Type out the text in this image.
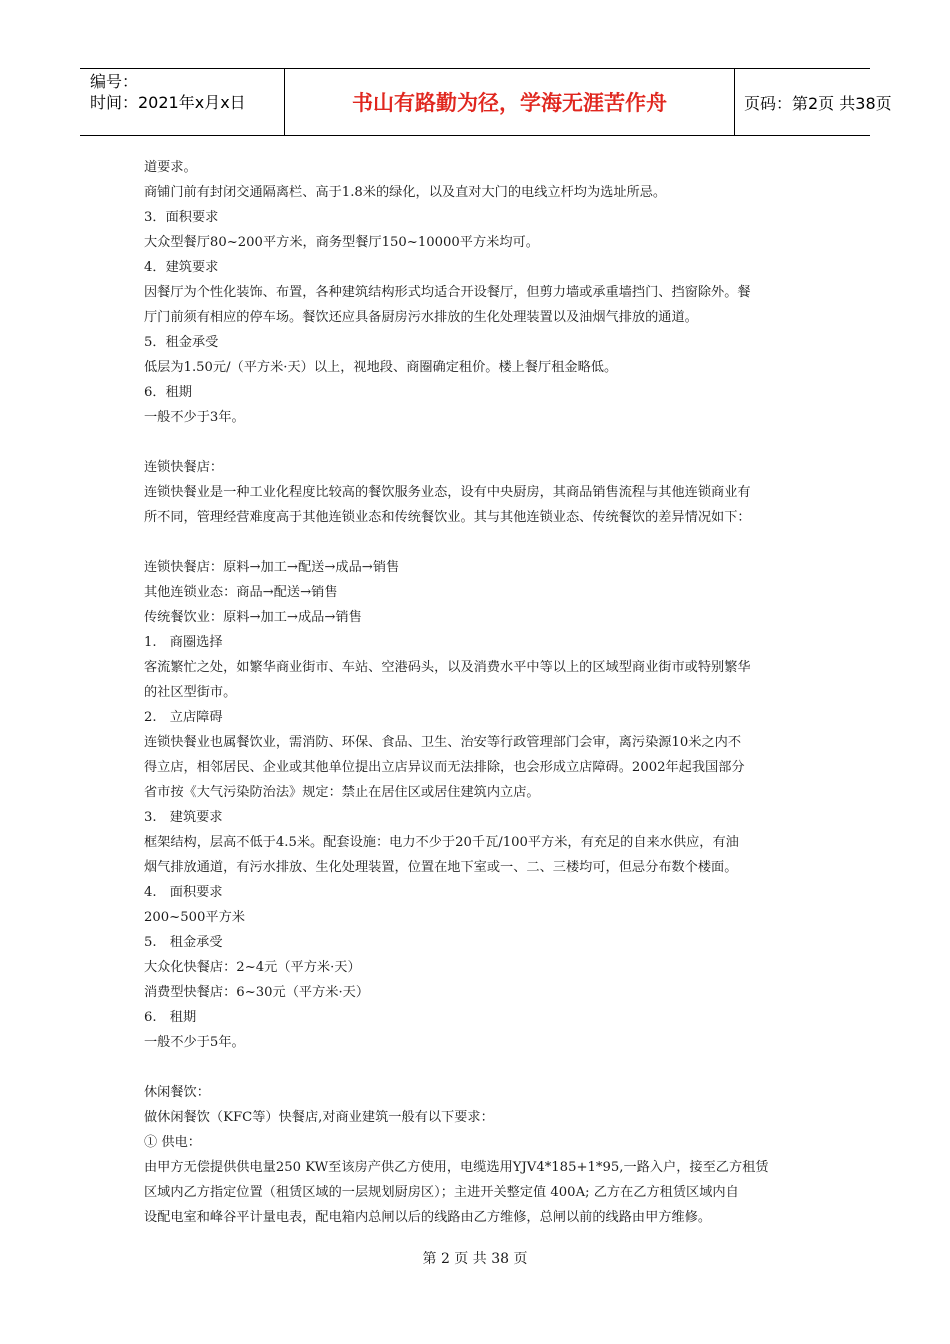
编号：
时间：2021年x月x日	书山有路勤为径，学海无涯苦作舟	页码：第2页 共38页
道要求。
商铺门前有封闭交通隔离栏、高于1.8米的绿化，以及直对大门的电线立杆均为选址所忌。
3．面积要求
大众型餐厅80~200平方米，商务型餐厅150~10000平方米均可。
4．建筑要求
因餐厅为个性化装饰、布置，各种建筑结构形式均适合开设餐厅，但剪力墙或承重墙挡门、挡窗除外。餐
厅门前须有相应的停车场。餐饮还应具备厨房污水排放的生化处理装置以及油烟气排放的通道。
5．租金承受
低层为1.50元/（平方米·天）以上，视地段、商圈确定租价。楼上餐厅租金略低。
6．租期
一般不少于3年。
连锁快餐店：
连锁快餐业是一种工业化程度比较高的餐饮服务业态，设有中央厨房，其商品销售流程与其他连锁商业有
所不同，管理经营难度高于其他连锁业态和传统餐饮业。其与其他连锁业态、传统餐饮的差异情况如下：
连锁快餐店：原料→加工→配送→成品→销售
其他连锁业态：商品→配送→销售
传统餐饮业：原料→加工→成品→销售
1.　商圈选择
客流繁忙之处，如繁华商业街市、车站、空港码头，以及消费水平中等以上的区域型商业街市或特别繁华
的社区型街市。
2.　立店障碍
连锁快餐业也属餐饮业，需消防、环保、食品、卫生、治安等行政管理部门会审，离污染源10米之内不
得立店，相邻居民、企业或其他单位提出立店异议而无法排除，也会形成立店障碍。2002年起我国部分
省市按《大气污染防治法》规定：禁止在居住区或居住建筑内立店。
3.　建筑要求
框架结构，层高不低于4.5米。配套设施：电力不少于20千瓦/100平方米，有充足的自来水供应，有油
烟气排放通道，有污水排放、生化处理装置，位置在地下室或一、二、三楼均可，但忌分布数个楼面。
4.　面积要求
200~500平方米
5.　租金承受
大众化快餐店：2~4元（平方米·天）
消费型快餐店：6~30元（平方米·天）
6.　租期
一般不少于5年。
休闲餐饮：
做休闲餐饮（KFC等）快餐店,对商业建筑一般有以下要求：
① 供电：
由甲方无偿提供供电量250 KW至该房产供乙方使用，电缆选用YJV4*185+1*95,一路入户，接至乙方租赁
区域内乙方指定位置（租赁区域的一层规划厨房区）；主进开关整定值 400A; 乙方在乙方租赁区域内自
设配电室和峰谷平计量电表，配电箱内总闸以后的线路由乙方维修，总闸以前的线路由甲方维修。
第 2 页 共 38 页
